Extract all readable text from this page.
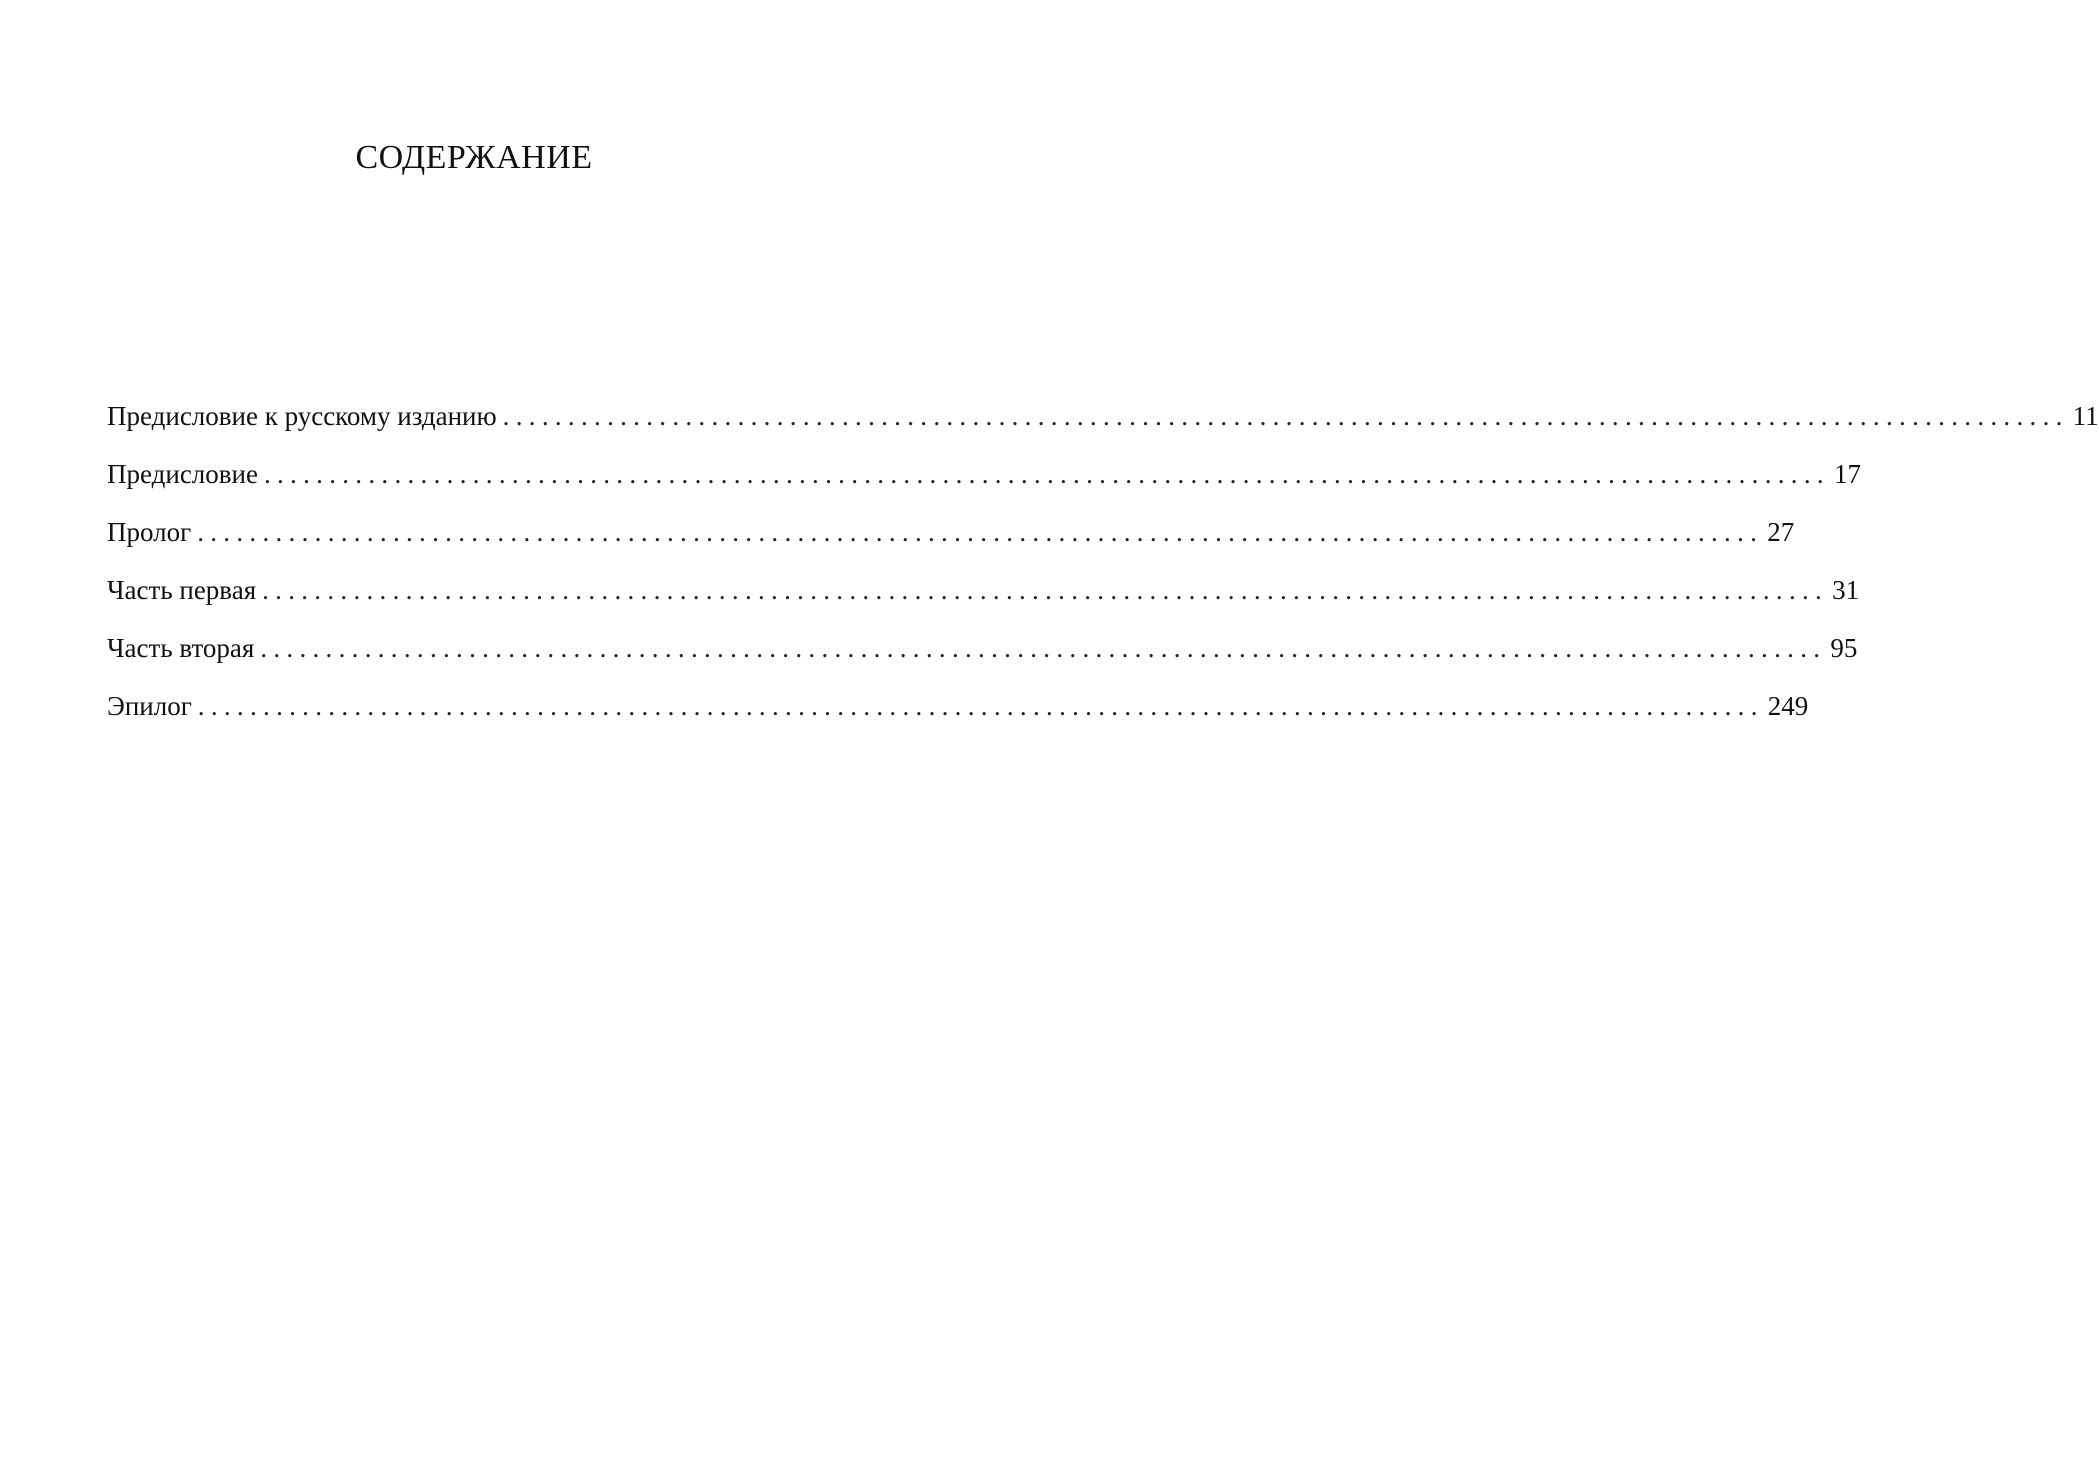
СОДЕРЖАНИЕ
Предисловие к русскому изданию ........................................................................................................................ 11
Предисловие ........................................................................................................................ 17
Пролог ........................................................................................................................ 27
Часть первая ........................................................................................................................ 31
Часть вторая ........................................................................................................................ 95
Эпилог ........................................................................................................................ 249
